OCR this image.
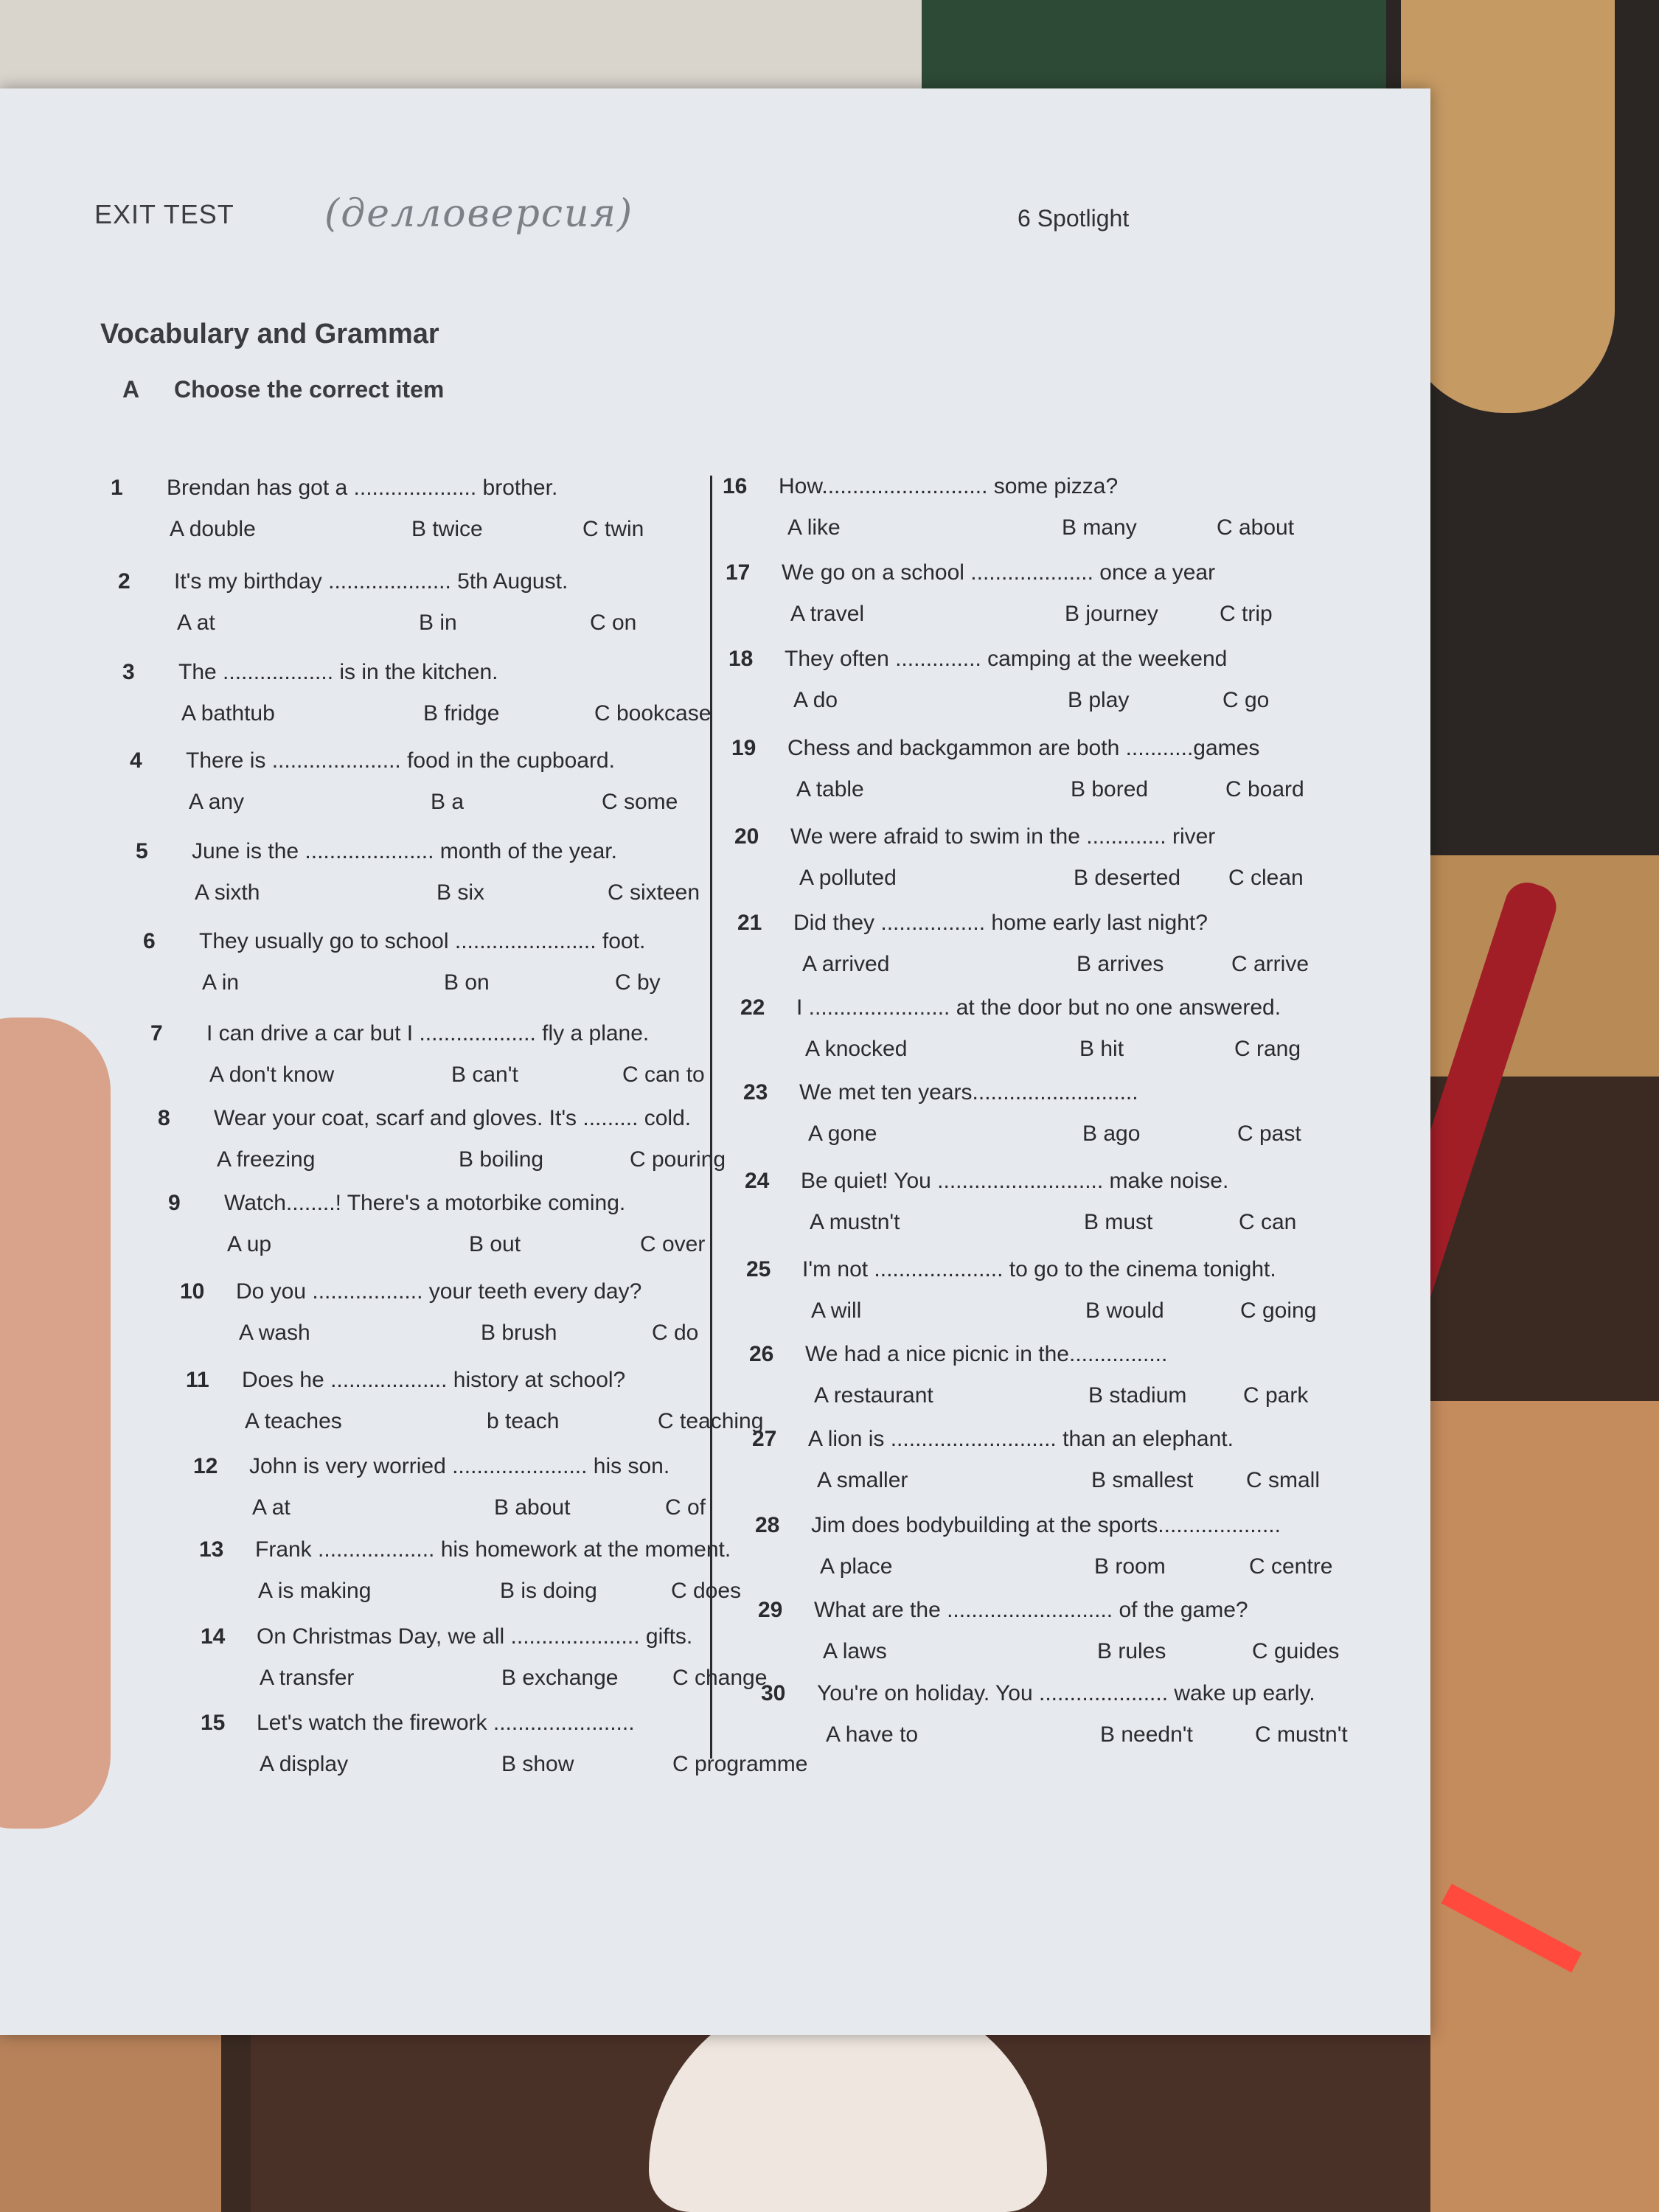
EXIT TEST (делловерсия)	6 Spotlight
Vocabulary and Grammar
A Choose the correct item
1 Brendan has got a .................... brother.
A double	B twice	C twin
2 It's my birthday .................... 5th August.
A at	B in	C on
3 The .................. is in the kitchen.
A bathtub	B fridge	C bookcase
4 There is ..................... food in the cupboard.
A any	B a	C some
5 June is the ..................... month of the year.
A sixth	B six	C sixteen
6 They usually go to school ....................... foot.
A in	B on	C by
7 I can drive a car but I ................... fly a plane.
A don't know	B can't	C can to
8 Wear your coat, scarf and gloves. It's ......... cold.
A freezing	B boiling	C pouring
9 Watch........! There's a motorbike coming.
A up	B out	C over
10 Do you .................. your teeth every day?
A wash	B brush	C do
11 Does he ................... history at school?
A teaches	b teach	C teaching
12 John is very worried ...................... his son.
A at	B about	C of
13 Frank ................... his homework at the moment.
A is making	B is doing	C does
14 On Christmas Day, we all ..................... gifts.
A transfer	B exchange C change
15 Let's watch the firework .......................
A display	B show	C programme
16 How........................... some pizza?
A like	B many	C about
17 We go on a school .................... once a year
A travel	B journey	C trip
18 They often .............. camping at the weekend
A do	B play	C go
19 Chess and backgammon are both ...........games
A table	B bored	C board
20 We were afraid to swim in the ............. river
A polluted	B deserted C clean
21 Did they ................. home early last night?
A arrived	B arrives	C arrive
22 I ....................... at the door but no one answered.
A knocked	B hit	C rang
23 We met ten years...........................
A gone	B ago	C past
24 Be quiet! You ........................... make noise.
A mustn't	B must	C can
25 I'm not ..................... to go to the cinema tonight.
A will	B would	C going
26 We had a nice picnic in the................
A restaurant	B stadium	C park
27 A lion is ........................... than an elephant.
A smaller	B smallest C small
28 Jim does bodybuilding at the sports....................
A place	B room	C centre
29 What are the ........................... of the game?
A laws	B rules	C guides
30 You're on holiday. You ..................... wake up early.
A have to	B needn't	C mustn't
